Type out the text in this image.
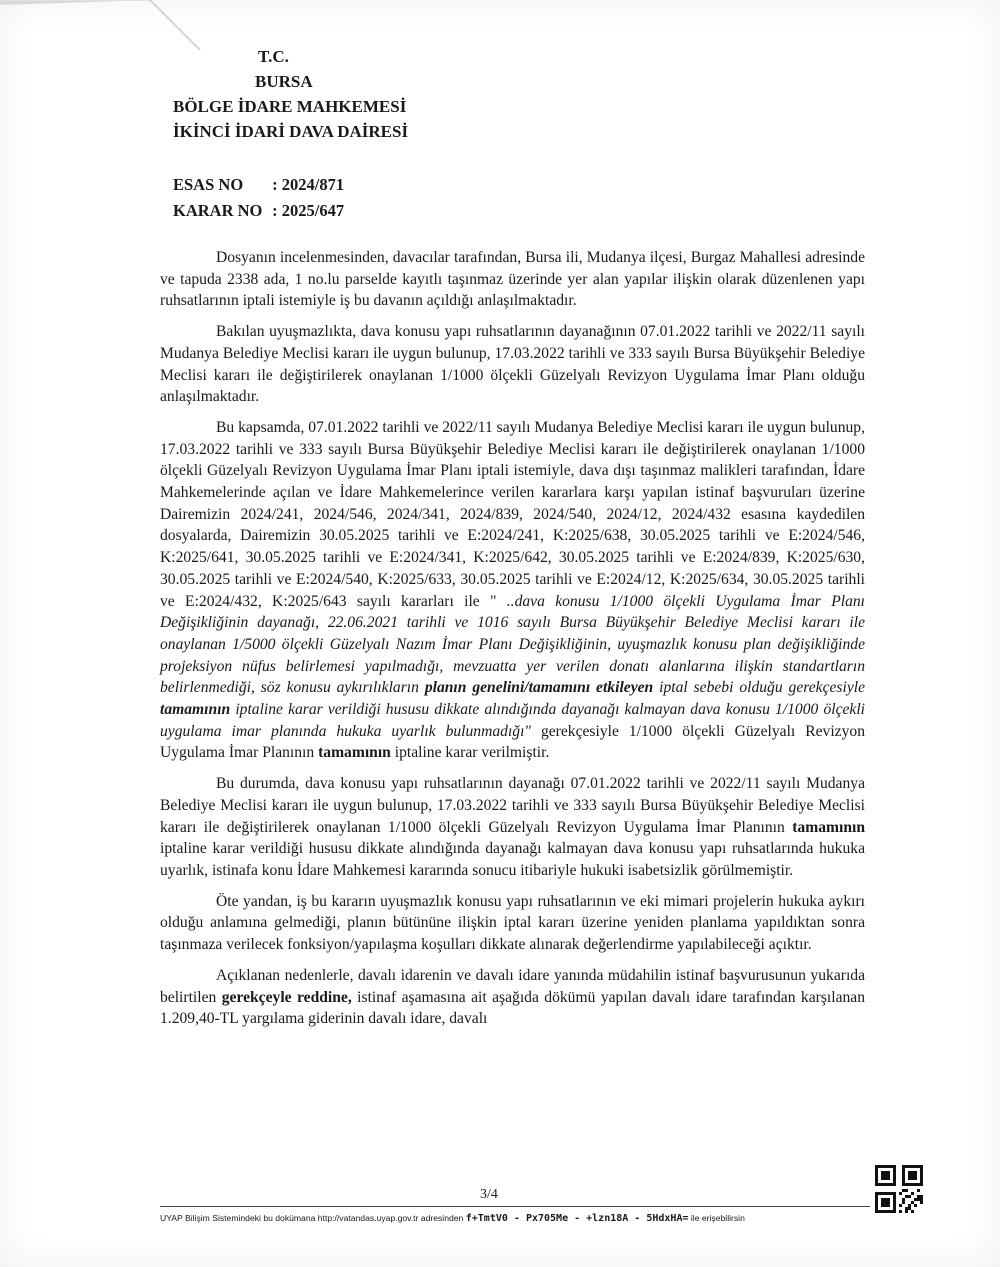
T.C.
BURSA
BÖLGE İDARE MAHKEMESİ
İKİNCİ İDARİ DAVA DAİRESİ
ESAS NO : 2024/871
KARAR NO : 2025/647

Dosyanın incelenmesinden, davacılar tarafından, Bursa ili, Mudanya ilçesi, Burgaz Mahallesi adresinde ve tapuda 2338 ada, 1 no.lu parselde kayıtlı taşınmaz üzerinde yer alan yapılar ilişkin olarak düzenlenen yapı ruhsatlarının iptali istemiyle iş bu davanın açıldığı anlaşılmaktadır.

Bakılan uyuşmazlıkta, dava konusu yapı ruhsatlarının dayanağının 07.01.2022 tarihli ve 2022/11 sayılı Mudanya Belediye Meclisi kararı ile uygun bulunup, 17.03.2022 tarihli ve 333 sayılı Bursa Büyükşehir Belediye Meclisi kararı ile değiştirilerek onaylanan 1/1000 ölçekli Güzelyalı Revizyon Uygulama İmar Planı olduğu anlaşılmaktadır.

Bu kapsamda, 07.01.2022 tarihli ve 2022/11 sayılı Mudanya Belediye Meclisi kararı ile uygun bulunup, 17.03.2022 tarihli ve 333 sayılı Bursa Büyükşehir Belediye Meclisi kararı ile değiştirilerek onaylanan 1/1000 ölçekli Güzelyalı Revizyon Uygulama İmar Planı iptali istemiyle, dava dışı taşınmaz malikleri tarafından, İdare Mahkemelerinde açılan ve İdare Mahkemelerince verilen kararlara karşı yapılan istinaf başvuruları üzerine Dairemizin 2024/241, 2024/546, 2024/341, 2024/839, 2024/540, 2024/12, 2024/432 esasına kaydedilen dosyalarda, Dairemizin 30.05.2025 tarihli ve E:2024/241, K:2025/638, 30.05.2025 tarihli ve E:2024/546, K:2025/641, 30.05.2025 tarihli ve E:2024/341, K:2025/642, 30.05.2025 tarihli ve E:2024/839, K:2025/630, 30.05.2025 tarihli ve E:2024/540, K:2025/633, 30.05.2025 tarihli ve E:2024/12, K:2025/634, 30.05.2025 tarihli ve E:2024/432, K:2025/643 sayılı kararları ile " ..dava konusu 1/1000 ölçekli Uygulama İmar Planı Değişikliğinin dayanağı, 22.06.2021 tarihli ve 1016 sayılı Bursa Büyükşehir Belediye Meclisi kararı ile onaylanan 1/5000 ölçekli Güzelyalı Nazım İmar Planı Değişikliğinin, uyuşmazlık konusu plan değişikliğinde projeksiyon nüfus belirlemesi yapılmadığı, mevzuatta yer verilen donatı alanlarına ilişkin standartların belirlenmediği, söz konusu aykırılıkların planın genelini/tamamını etkileyen iptal sebebi olduğu gerekçesiyle tamamının iptaline karar verildiği hususu dikkate alındığında dayanağı kalmayan dava konusu 1/1000 ölçekli uygulama imar planında hukuka uyarlık bulunmadığı" gerekçesiyle 1/1000 ölçekli Güzelyalı Revizyon Uygulama İmar Planının tamamının iptaline karar verilmiştir.

Bu durumda, dava konusu yapı ruhsatlarının dayanağı 07.01.2022 tarihli ve 2022/11 sayılı Mudanya Belediye Meclisi kararı ile uygun bulunup, 17.03.2022 tarihli ve 333 sayılı Bursa Büyükşehir Belediye Meclisi kararı ile değiştirilerek onaylanan 1/1000 ölçekli Güzelyalı Revizyon Uygulama İmar Planının tamamının iptaline karar verildiği hususu dikkate alındığında dayanağı kalmayan dava konusu yapı ruhsatlarında hukuka uyarlık, istinafa konu İdare Mahkemesi kararında sonucu itibariyle hukuki isabetsizlik görülmemiştir.

Öte yandan, iş bu kararın uyuşmazlık konusu yapı ruhsatlarının ve eki mimari projelerin hukuka aykırı olduğu anlamına gelmediği, planın bütününe ilişkin iptal kararı üzerine yeniden planlama yapıldıktan sonra taşınmaza verilecek fonksiyon/yapılaşma koşulları dikkate alınarak değerlendirme yapılabileceği açıktır.

Açıklanan nedenlerle, davalı idarenin ve davalı idare yanında müdahilin istinaf başvurusunun yukarıda belirtilen gerekçeyle reddine, istinaf aşamasına ait aşağıda dökümü yapılan davalı idare tarafından karşılanan 1.209,40-TL yargılama giderinin davalı idare, davalı

3/4
UYAP Bilişim Sistemindeki bu dokümana http://vatandas.uyap.gov.tr adresinden f+TmtV0 - Px705Me - +lzn18A - 5HdxHA= ile erişebilirsin
